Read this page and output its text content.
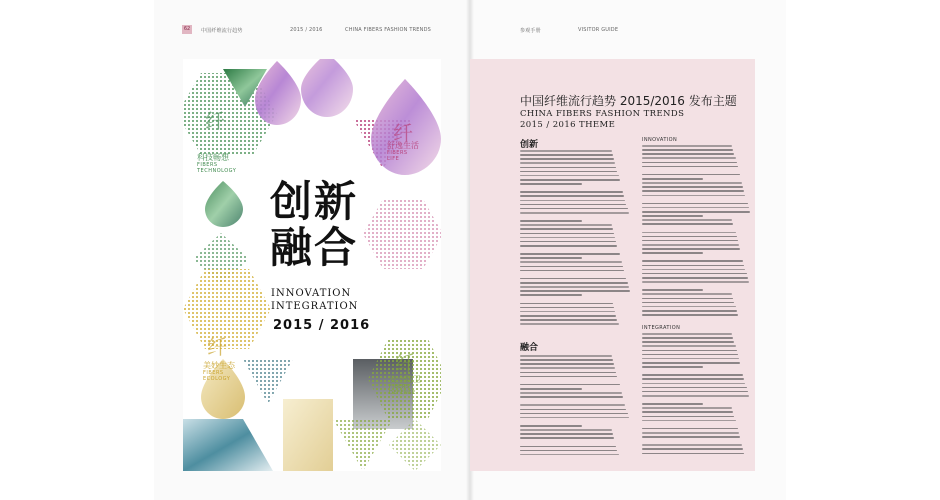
62	中国纤维流行趋势	2015 / 2016	CHINA FIBERS FASHION TRENDS	参观手册	VISITOR GUIDE
纤
科技畅想
FIBERS
TECHNOLOGY
纤
舒逸生活
FIBERS
LIFE
纤
美妙生态
FIBERS
ECOLOGY
纤
安全防卫
FIBERS
DEFENSE
创新融合
INNOVATION
INTEGRATION
2015 / 2016
中国纤维流行趋势 2015/2016 发布主题
CHINA FIBERS FASHION TRENDS
2015 / 2016 THEME
创新	INNOVATION
融合
INTEGRATION
